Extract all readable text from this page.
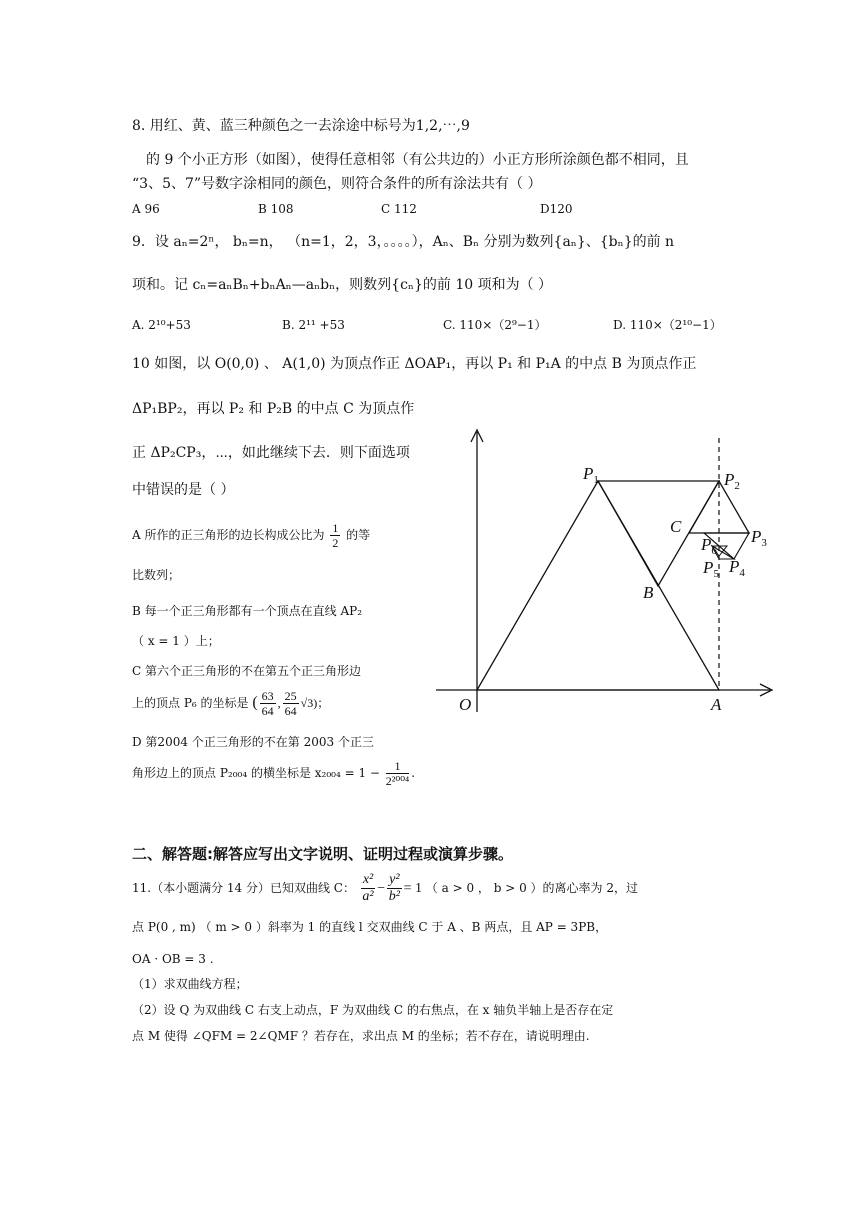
8. 用红、黄、蓝三种颜色之一去涂途中标号为1,2,⋯,9
的 9 个小正方形（如图），使得任意相邻（有公共边的）小正方形所涂颜色都不相同，且
“3、5、7”号数字涂相同的颜色，则符合条件的所有涂法共有（ ）
A 96	B 108	C 112	D120
9．设 aₙ=2ⁿ， bₙ=n， （n=1，2，3，。。。。），Aₙ、Bₙ 分别为数列{aₙ}、{bₙ}的前 n
项和。记 cₙ=aₙBₙ+bₙAₙ—aₙbₙ，则数列{cₙ}的前 10 项和为（ ）
A. 2¹⁰+53	B. 2¹¹ +53	C. 110×（2⁹−1）	D. 110×（2¹⁰−1）
10 如图，以 O(0,0) 、 A(1,0) 为顶点作正 ΔOAP₁，再以 P₁ 和 P₁A 的中点 B 为顶点作正
ΔP₁BP₂，再以 P₂ 和 P₂B 的中点 C 为顶点作
正 ΔP₂CP₃，⋯，如此继续下去．则下面选项
中错误的是（ ）
A 所作的正三角形的边长构成公比为 $\frac{1}{2}$ 的等
比数列；
B 每一个正三角形都有一个顶点在直线 AP₂
（ x = 1 ）上；
C 第六个正三角形的不在第五个正三角形边
上的顶点 P₆ 的坐标是 ( $\frac{63}{64}$ , $\frac{25}{64} √3$)；
D 第2004 个正三角形的不在第 2003 个正三
角形边上的顶点 P₂₀₀₄ 的横坐标是 $x_{2004} = 1 - \frac{1}{\text{2²⁰⁰⁴}}$ .
$P_1$	$P_2$
$P_3$
$P_4$
$P_5$
$P_6$
B
C
O	A
二、解答题:解答应写出文字说明、证明过程或演算步骤。
11.（本小题满分 14 分）已知双曲线 C： $\frac{\text{x²}}{\text{a²}} - \frac{\text{y²}}{\text{b²}} = 1$ （ a > 0 ， b > 0 ）的离心率为 2，过
点 P(0 , m) （ m > 0 ）斜率为 1 的直线 l 交双曲线 C 于 A 、B 两点，且 AP = 3PB，
OA · OB = 3 .
（1）求双曲线方程；
（2）设 Q 为双曲线 C 右支上动点，F 为双曲线 C 的右焦点，在 x 轴负半轴上是否存在定
点 M 使得 ∠QFM = 2∠QMF ？若存在，求出点 M 的坐标；若不存在，请说明理由.
